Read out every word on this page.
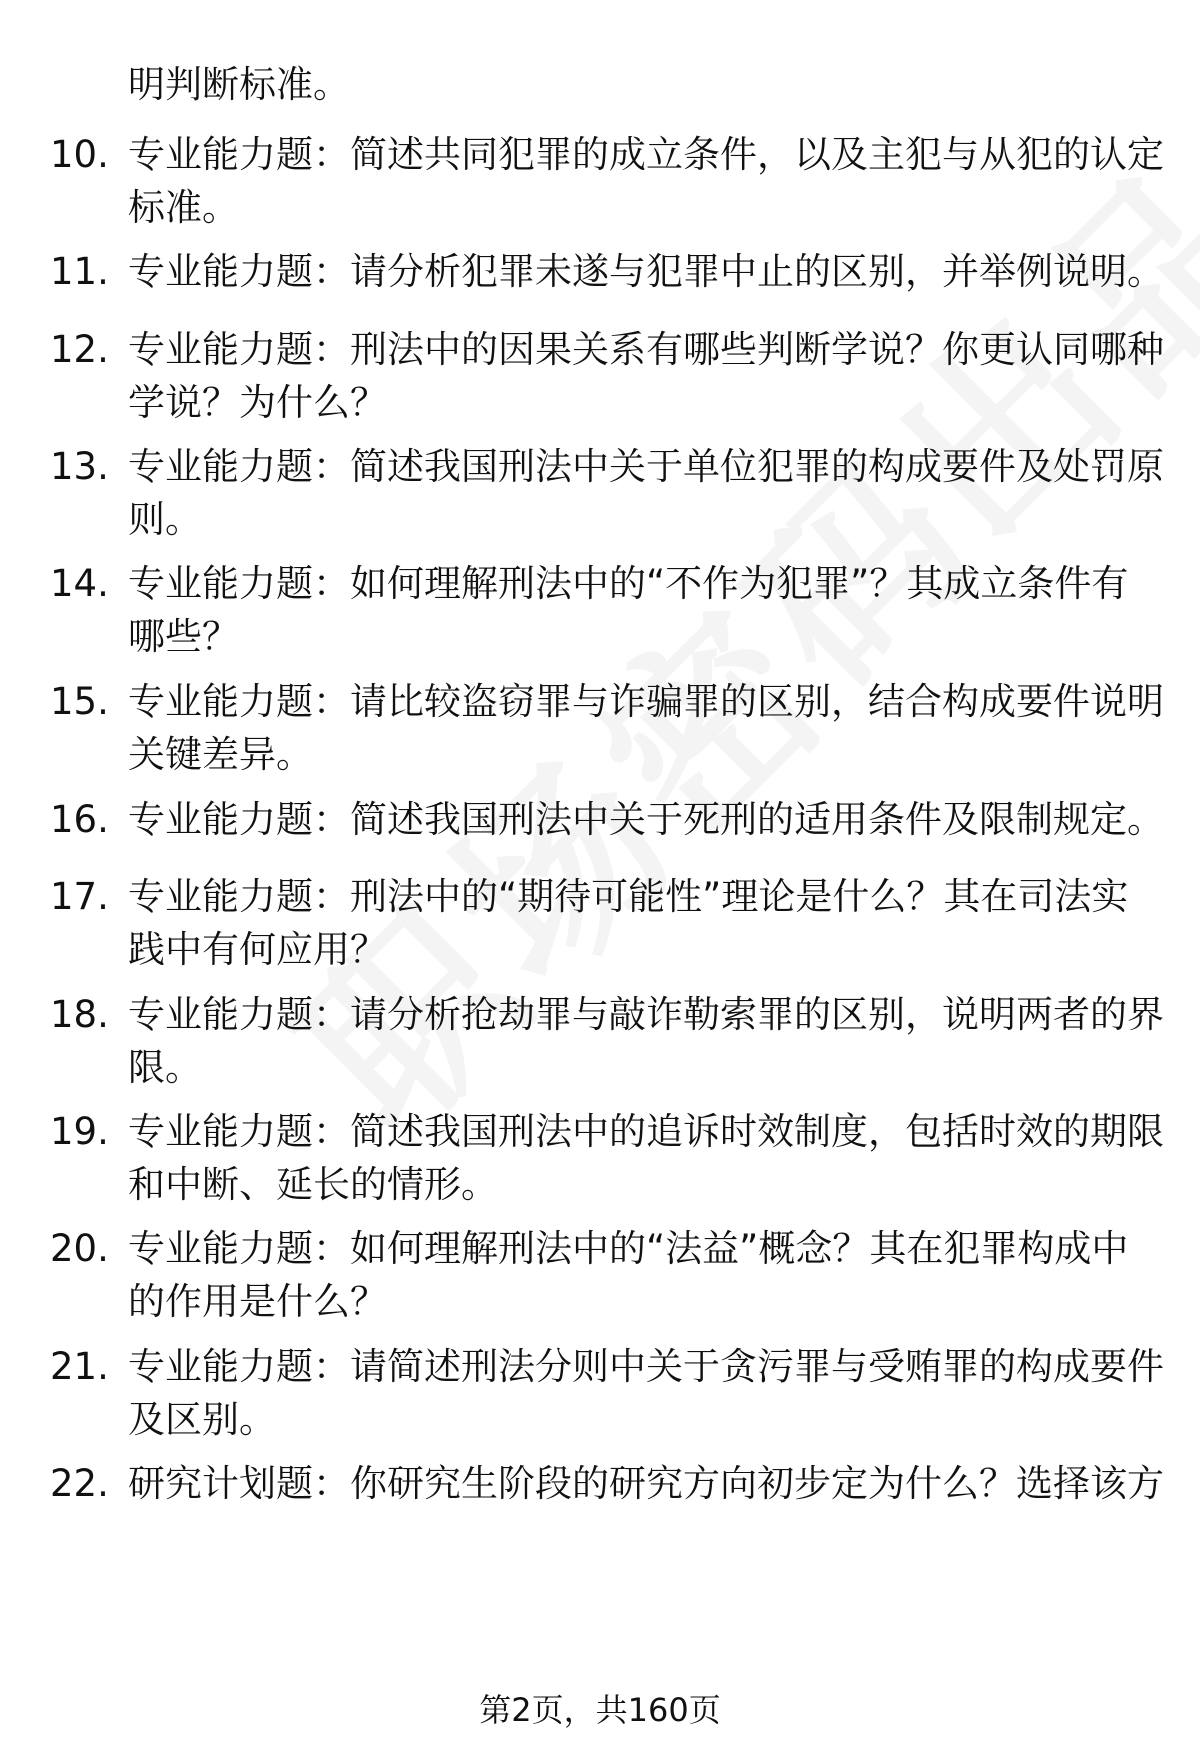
明判断标准。
10. 专业能力题：简述共同犯罪的成立条件，以及主犯与从犯的认定
标准。
11. 专业能力题：请分析犯罪未遂与犯罪中止的区别，并举例说明。
12. 专业能力题：刑法中的因果关系有哪些判断学说？你更认同哪种
学说？为什么？
13. 专业能力题：简述我国刑法中关于单位犯罪的构成要件及处罚原
则。
14. 专业能力题：如何理解刑法中的“不作为犯罪”？其成立条件有
哪些？
15. 专业能力题：请比较盗窃罪与诈骗罪的区别，结合构成要件说明
关键差异。
16. 专业能力题：简述我国刑法中关于死刑的适用条件及限制规定。
17. 专业能力题：刑法中的“期待可能性”理论是什么？其在司法实
践中有何应用？
18. 专业能力题：请分析抢劫罪与敲诈勒索罪的区别，说明两者的界
限。
19. 专业能力题：简述我国刑法中的追诉时效制度，包括时效的期限
和中断、延长的情形。
20. 专业能力题：如何理解刑法中的“法益”概念？其在犯罪构成中
的作用是什么？
21. 专业能力题：请简述刑法分则中关于贪污罪与受贿罪的构成要件
及区别。
22. 研究计划题：你研究生阶段的研究方向初步定为什么？选择该方
第2页，共160页
